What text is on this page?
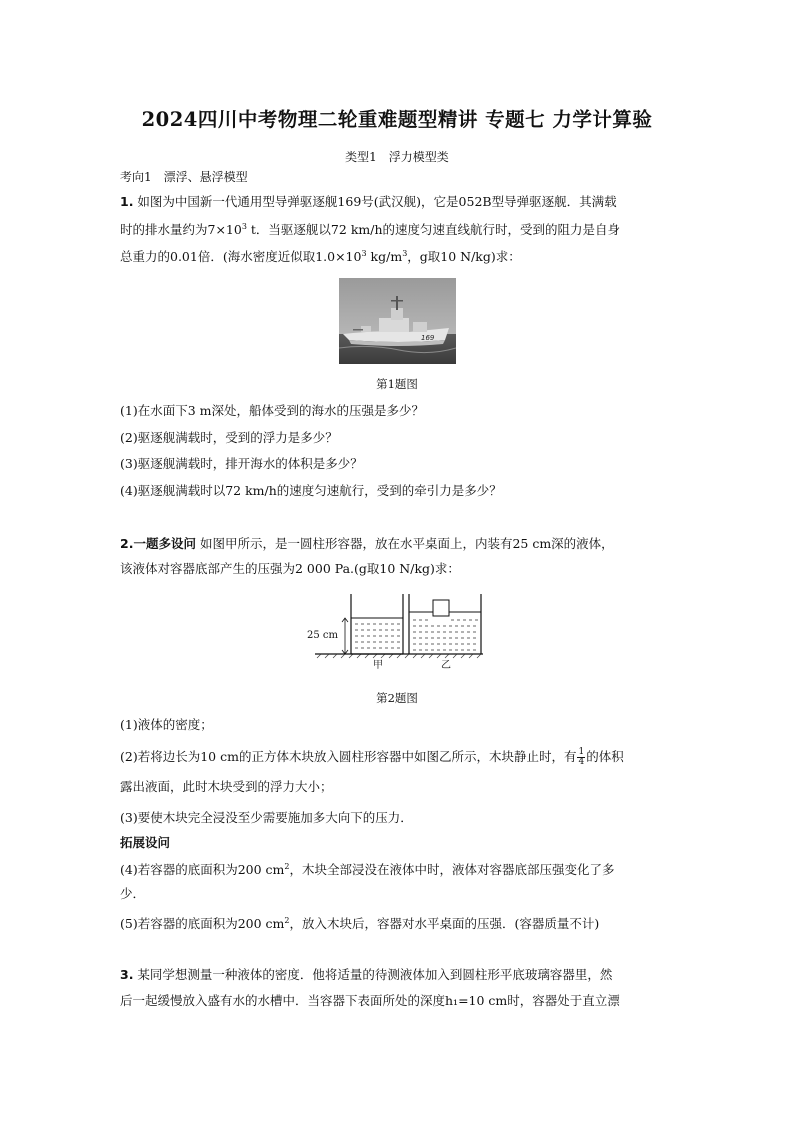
2024四川中考物理二轮重难题型精讲 专题七 力学计算验
类型1　浮力模型类
考向1　漂浮、悬浮模型
1. 如图为中国新一代通用型导弹驱逐舰169号(武汉舰)，它是052B型导弹驱逐舰．其满载
时的排水量约为$7\times 10^3$ t．当驱逐舰以72 km/h的速度匀速直线航行时，受到的阻力是自身
总重力的0.01倍．(海水密度近似取$1.0\times 10^3$ $kg/m^3$，g取10 N/kg)求：
169
第1题图
(1)在水面下3 m深处，船体受到的海水的压强是多少？
(2)驱逐舰满载时，受到的浮力是多少？
(3)驱逐舰满载时，排开海水的体积是多少？
(4)驱逐舰满载时以72 km/h的速度匀速航行，受到的牵引力是多少？
2.一题多设问 如图甲所示，是一圆柱形容器，放在水平桌面上，内装有25 cm深的液体，
该液体对容器底部产生的压强为2 000 Pa.(g取10 N/kg)求：
25 cm
甲	乙
第2题图
(1)液体的密度；
(2)若将边长为10 cm的正方体木块放入圆柱形容器中如图乙所示，木块静止时，有 $\frac{1}{4}$ 的体积
露出液面，此时木块受到的浮力大小；
(3)要使木块完全浸没至少需要施加多大向下的压力．
拓展设问
(4)若容器的底面积为200 $cm^2$，木块全部浸没在液体中时，液体对容器底部压强变化了多
少．
(5)若容器的底面积为200 $cm^2$，放入木块后，容器对水平桌面的压强．(容器质量不计)
3. 某同学想测量一种液体的密度．他将适量的待测液体加入到圆柱形平底玻璃容器里，然
后一起缓慢放入盛有水的水槽中．当容器下表面所处的深度h₁=10 cm时，容器处于直立漂
